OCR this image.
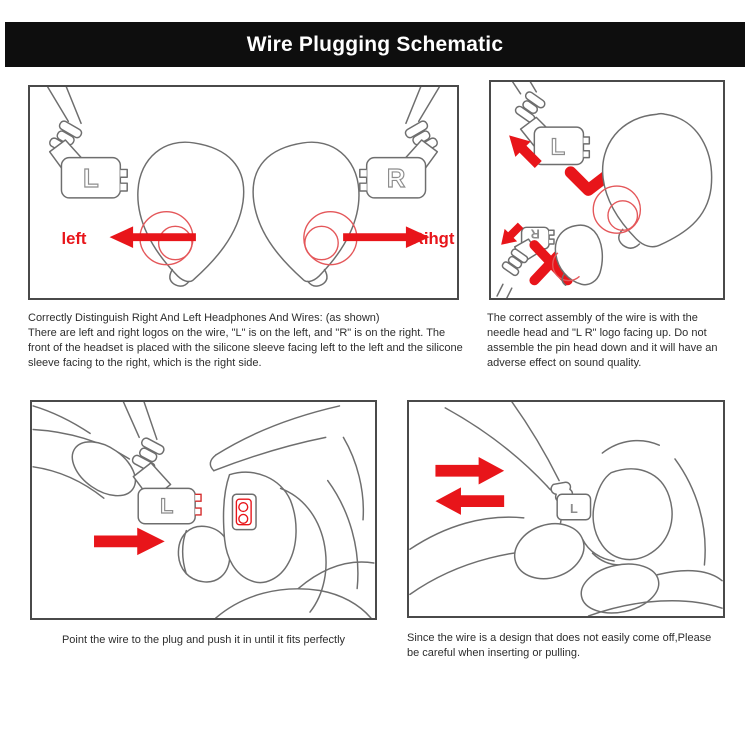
Wire Plugging Schematic
L	R
left	Rihgt
L
R
L	L
Correctly Distinguish Right And Left Headphones And Wires: (as shown)
There are left and right logos on the wire, "L" is on the left, and "R" is on the right. The front of the headset is placed with the silicone sleeve facing left to the left and the silicone sleeve facing to the right, which is the right side.
The correct assembly of the wire is with the needle head and "L R" logo facing up. Do not assemble the pin head down and it will have an adverse effect on sound quality.
Point the wire to the plug and push it in until it fits perfectly	Since the wire is a design that does not easily come off,Please be careful when inserting or pulling.
